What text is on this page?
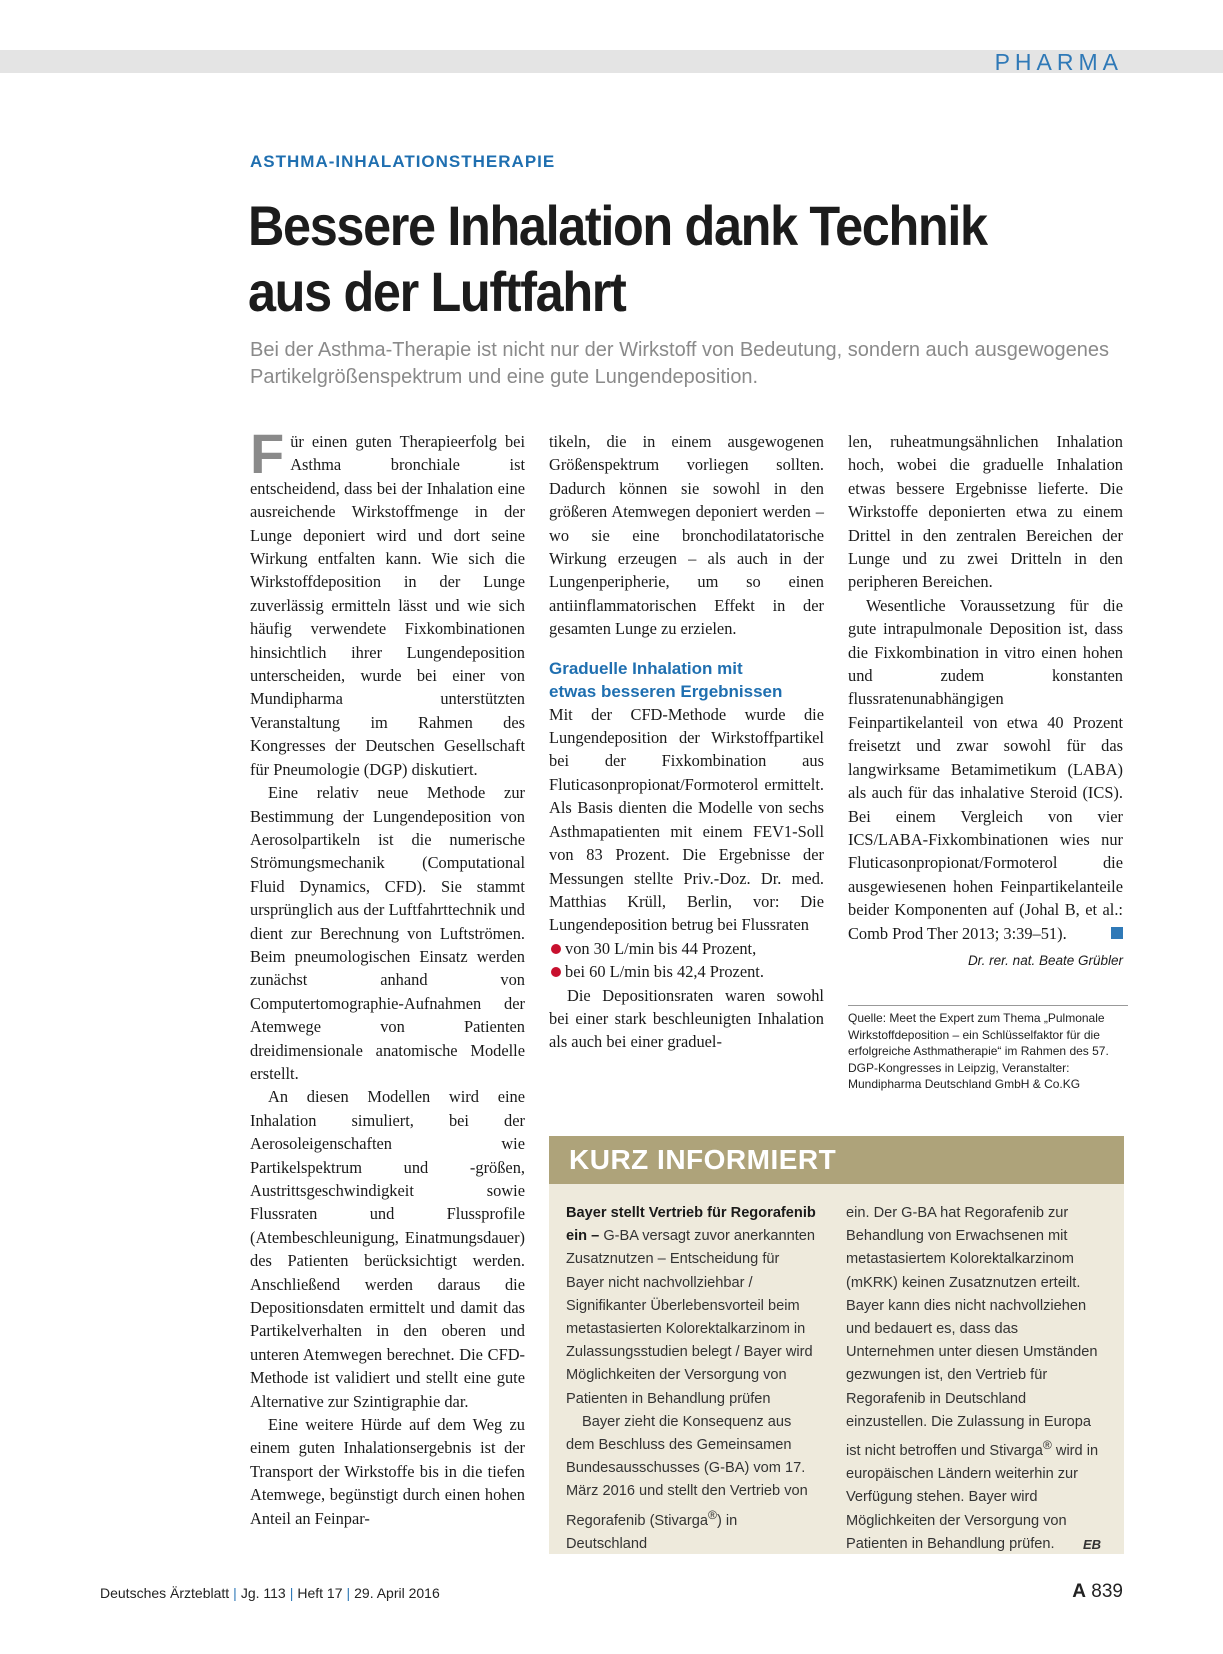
PHARMA
ASTHMA-INHALATIONSTHERAPIE
Bessere Inhalation dank Technik
aus der Luftfahrt

Bei der Asthma-Therapie ist nicht nur der Wirkstoff von Bedeutung, sondern auch ausgewogenes Partikelgrößenspektrum und eine gute Lungendeposition.

Für einen guten Therapieerfolg bei Asthma bronchiale ist entscheidend, dass bei der Inhalation eine ausreichende Wirkstoffmenge in der Lunge deponiert wird und dort seine Wirkung entfalten kann. Wie sich die Wirkstoffdeposition in der Lunge zuverlässig ermitteln lässt und wie sich häufig verwendete Fixkombinationen hinsichtlich ihrer Lungendeposition unterscheiden, wurde bei einer von Mundipharma unterstützten Veranstaltung im Rahmen des Kongresses der Deutschen Gesellschaft für Pneumologie (DGP) diskutiert.

Eine relativ neue Methode zur Bestimmung der Lungendeposition von Aerosolpartikeln ist die numerische Strömungsmechanik (Computational Fluid Dynamics, CFD). Sie stammt ursprünglich aus der Luftfahrttechnik und dient zur Berechnung von Luftströmen. Beim pneumologischen Einsatz werden zunächst anhand von Computertomographie-Aufnahmen der Atemwege von Patienten dreidimensionale anatomische Modelle erstellt.

An diesen Modellen wird eine Inhalation simuliert, bei der Aerosoleigenschaften wie Partikelspektrum und -größen, Austrittsgeschwindigkeit sowie Flussraten und Flussprofile (Atembeschleunigung, Einatmungsdauer) des Patienten berücksichtigt werden. Anschließend werden daraus die Depositionsdaten ermittelt und damit das Partikelverhalten in den oberen und unteren Atemwegen berechnet. Die CFD-Methode ist validiert und stellt eine gute Alternative zur Szintigraphie dar.

Eine weitere Hürde auf dem Weg zu einem guten Inhalationsergebnis ist der Transport der Wirkstoffe bis in die tiefen Atemwege, begünstigt durch einen hohen Anteil an Feinpar-

tikeln, die in einem ausgewogenen Größenspektrum vorliegen sollten. Dadurch können sie sowohl in den größeren Atemwegen deponiert werden – wo sie eine bronchodilatatorische Wirkung erzeugen – als auch in der Lungenperipherie, um so einen antiinflammatorischen Effekt in der gesamten Lunge zu erzielen.

Graduelle Inhalation mit
etwas besseren Ergebnissen

Mit der CFD-Methode wurde die Lungendeposition der Wirkstoffpartikel bei der Fixkombination aus Fluticasonpropionat/Formoterol ermittelt. Als Basis dienten die Modelle von sechs Asthmapatienten mit einem FEV1-Soll von 83 Prozent. Die Ergebnisse der Messungen stellte Priv.-Doz. Dr. med. Matthias Krüll, Berlin, vor: Die Lungendeposition betrug bei Flussraten

von 30 L/min bis 44 Prozent,
bei 60 L/min bis 42,4 Prozent.

Die Depositionsraten waren sowohl bei einer stark beschleunigten Inhalation als auch bei einer graduel-

len, ruheatmungsähnlichen Inhalation hoch, wobei die graduelle Inhalation etwas bessere Ergebnisse lieferte. Die Wirkstoffe deponierten etwa zu einem Drittel in den zentralen Bereichen der Lunge und zu zwei Dritteln in den peripheren Bereichen.

Wesentliche Voraussetzung für die gute intrapulmonale Deposition ist, dass die Fixkombination in vitro einen hohen und zudem konstanten flussratenunabhängigen Feinpartikelanteil von etwa 40 Prozent freisetzt und zwar sowohl für das langwirksame Betamimetikum (LABA) als auch für das inhalative Steroid (ICS). Bei einem Vergleich von vier ICS/LABA-Fixkombinationen wies nur Fluticasonpropionat/Formoterol die ausgewiesenen hohen Feinpartikelanteile beider Komponenten auf (Johal B, et al.: Comb Prod Ther 2013; 3:39–51).

Dr. rer. nat. Beate Grübler

Quelle: Meet the Expert zum Thema „Pulmonale Wirkstoffdeposition – ein Schlüsselfaktor für die erfolgreiche Asthmatherapie“ im Rahmen des 57. DGP-Kongresses in Leipzig, Veranstalter: Mundipharma Deutschland GmbH & Co.KG

KURZ INFORMIERT

Bayer stellt Vertrieb für Regorafenib ein – G-BA versagt zuvor anerkannten Zusatznutzen – Entscheidung für Bayer nicht nachvollziehbar / Signifikanter Überlebensvorteil beim metastasierten Kolorektalkarzinom in Zulassungsstudien belegt / Bayer wird Möglichkeiten der Versorgung von Patienten in Behandlung prüfen

Bayer zieht die Konsequenz aus dem Beschluss des Gemeinsamen Bundesausschusses (G-BA) vom 17. März 2016 und stellt den Vertrieb von Regorafenib (Stivarga®) in Deutschland

ein. Der G-BA hat Regorafenib zur Behandlung von Erwachsenen mit metastasiertem Kolorektalkarzinom (mKRK) keinen Zusatznutzen erteilt. Bayer kann dies nicht nachvollziehen und bedauert es, dass das Unternehmen unter diesen Umständen gezwungen ist, den Vertrieb für Regorafenib in Deutschland einzustellen. Die Zulassung in Europa ist nicht betroffen und Stivarga® wird in europäischen Ländern weiterhin zur Verfügung stehen. Bayer wird Möglichkeiten der Versorgung von Patienten in Behandlung prüfen. EB

Deutsches Ärzteblatt | Jg. 113 | Heft 17 | 29. April 2016	A 839
